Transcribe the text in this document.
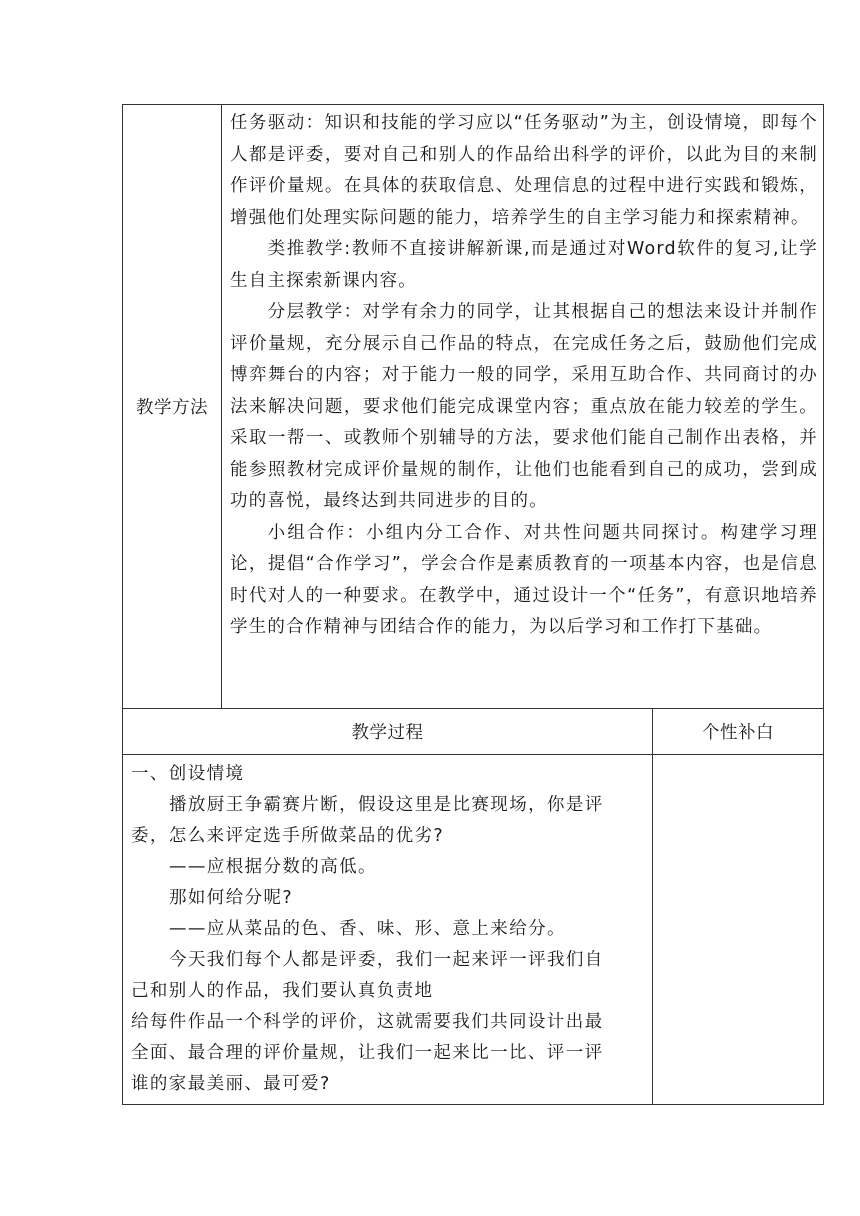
教学方法

任务驱动：知识和技能的学习应以“任务驱动”为主，创设情境，即每个人都是评委，要对自己和别人的作品给出科学的评价，以此为目的来制作评价量规。在具体的获取信息、处理信息的过程中进行实践和锻炼，增强他们处理实际问题的能力，培养学生的自主学习能力和探索精神。

类推教学:教师不直接讲解新课,而是通过对Word软件的复习,让学生自主探索新课内容。

分层教学：对学有余力的同学，让其根据自己的想法来设计并制作评价量规，充分展示自己作品的特点，在完成任务之后，鼓励他们完成博弈舞台的内容；对于能力一般的同学，采用互助合作、共同商讨的办法来解决问题，要求他们能完成课堂内容；重点放在能力较差的学生。采取一帮一、或教师个别辅导的方法，要求他们能自己制作出表格，并能参照教材完成评价量规的制作，让他们也能看到自己的成功，尝到成功的喜悦，最终达到共同进步的目的。

小组合作：小组内分工合作、对共性问题共同探讨。构建学习理论，提倡“合作学习”，学会合作是素质教育的一项基本内容，也是信息时代对人的一种要求。在教学中，通过设计一个“任务”，有意识地培养学生的合作精神与团结合作的能力，为以后学习和工作打下基础。

教学过程	个性补白

一、创设情境

播放厨王争霸赛片断，假设这里是比赛现场，你是评

委，怎么来评定选手所做菜品的优劣?

——应根据分数的高低。

那如何给分呢?

——应从菜品的色、香、味、形、意上来给分。

今天我们每个人都是评委，我们一起来评一评我们自

己和别人的作品，我们要认真负责地

给每件作品一个科学的评价，这就需要我们共同设计出最

全面、最合理的评价量规，让我们一起来比一比、评一评

谁的家最美丽、最可爱?
